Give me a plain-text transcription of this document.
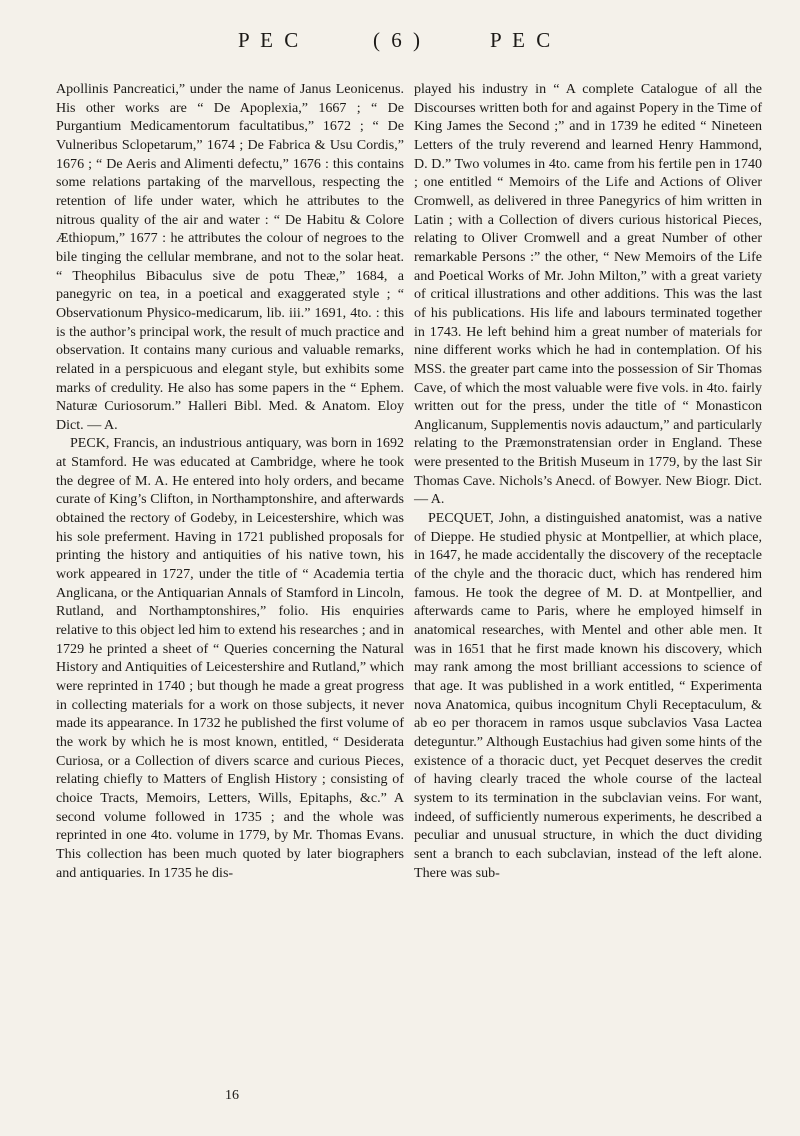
P E C	( 6 )	P E C

Apollinis Pancreatici,” under the name of Janus Leonicenus. His other works are “ De Apoplexia,” 1667 ; “ De Purgantium Medicamentorum facultatibus,” 1672 ; “ De Vulneribus Sclopetarum,” 1674 ; De Fabrica & Usu Cordis,” 1676 ; “ De Aeris and Alimenti defectu,” 1676 : this contains some relations partaking of the marvellous, respecting the retention of life under water, which he attributes to the nitrous quality of the air and water : “ De Habitu & Colore Æthiopum,” 1677 : he attributes the colour of negroes to the bile tinging the cellular membrane, and not to the solar heat. “ Theophilus Bibaculus sive de potu Theæ,” 1684, a panegyric on tea, in a poetical and exaggerated style ; “ Observationum Physico-medicarum, lib. iii.” 1691, 4to. : this is the author’s principal work, the result of much practice and observation. It contains many curious and valuable remarks, related in a perspicuous and elegant style, but exhibits some marks of credulity. He also has some papers in the “ Ephem. Naturæ Curiosorum.” Halleri Bibl. Med. & Anatom. Eloy Dict. — A.

PECK, Francis, an industrious antiquary, was born in 1692 at Stamford. He was educated at Cambridge, where he took the degree of M. A. He entered into holy orders, and became curate of King’s Clifton, in Northamptonshire, and afterwards obtained the rectory of Godeby, in Leicestershire, which was his sole preferment. Having in 1721 published proposals for printing the history and antiquities of his native town, his work appeared in 1727, under the title of “ Academia tertia Anglicana, or the Antiquarian Annals of Stamford in Lincoln, Rutland, and Northamptonshires,” folio. His enquiries relative to this object led him to extend his researches ; and in 1729 he printed a sheet of “ Queries concerning the Natural History and Antiquities of Leicestershire and Rutland,” which were reprinted in 1740 ; but though he made a great progress in collecting materials for a work on those subjects, it never made its appearance. In 1732 he published the first volume of the work by which he is most known, entitled, “ Desiderata Curiosa, or a Collection of divers scarce and curious Pieces, relating chiefly to Matters of English History ; consisting of choice Tracts, Memoirs, Letters, Wills, Epitaphs, &c.” A second volume followed in 1735 ; and the whole was reprinted in one 4to. volume in 1779, by Mr. Thomas Evans. This collection has been much quoted by later biographers and antiquaries. In 1735 he dis-

played his industry in “ A complete Catalogue of all the Discourses written both for and against Popery in the Time of King James the Second ;” and in 1739 he edited “ Nineteen Letters of the truly reverend and learned Henry Hammond, D. D.” Two volumes in 4to. came from his fertile pen in 1740 ; one entitled “ Memoirs of the Life and Actions of Oliver Cromwell, as delivered in three Panegyrics of him written in Latin ; with a Collection of divers curious historical Pieces, relating to Oliver Cromwell and a great Number of other remarkable Persons :” the other, “ New Memoirs of the Life and Poetical Works of Mr. John Milton,” with a great variety of critical illustrations and other additions. This was the last of his publications. His life and labours terminated together in 1743. He left behind him a great number of materials for nine different works which he had in contemplation. Of his MSS. the greater part came into the possession of Sir Thomas Cave, of which the most valuable were five vols. in 4to. fairly written out for the press, under the title of “ Monasticon Anglicanum, Supplementis novis adauctum,” and particularly relating to the Præmonstratensian order in England. These were presented to the British Museum in 1779, by the last Sir Thomas Cave. Nichols’s Anecd. of Bowyer. New Biogr. Dict. — A.

PECQUET, John, a distinguished anatomist, was a native of Dieppe. He studied physic at Montpellier, at which place, in 1647, he made accidentally the discovery of the receptacle of the chyle and the thoracic duct, which has rendered him famous. He took the degree of M. D. at Montpellier, and afterwards came to Paris, where he employed himself in anatomical researches, with Mentel and other able men. It was in 1651 that he first made known his discovery, which may rank among the most brilliant accessions to science of that age. It was published in a work entitled, “ Experimenta nova Anatomica, quibus incognitum Chyli Receptaculum, & ab eo per thoracem in ramos usque subclavios Vasa Lactea deteguntur.” Although Eustachius had given some hints of the existence of a thoracic duct, yet Pecquet deserves the credit of having clearly traced the whole course of the lacteal system to its termination in the subclavian veins. For want, indeed, of sufficiently numerous experiments, he described a peculiar and unusual structure, in which the duct dividing sent a branch to each subclavian, instead of the left alone. There was sub-

16
